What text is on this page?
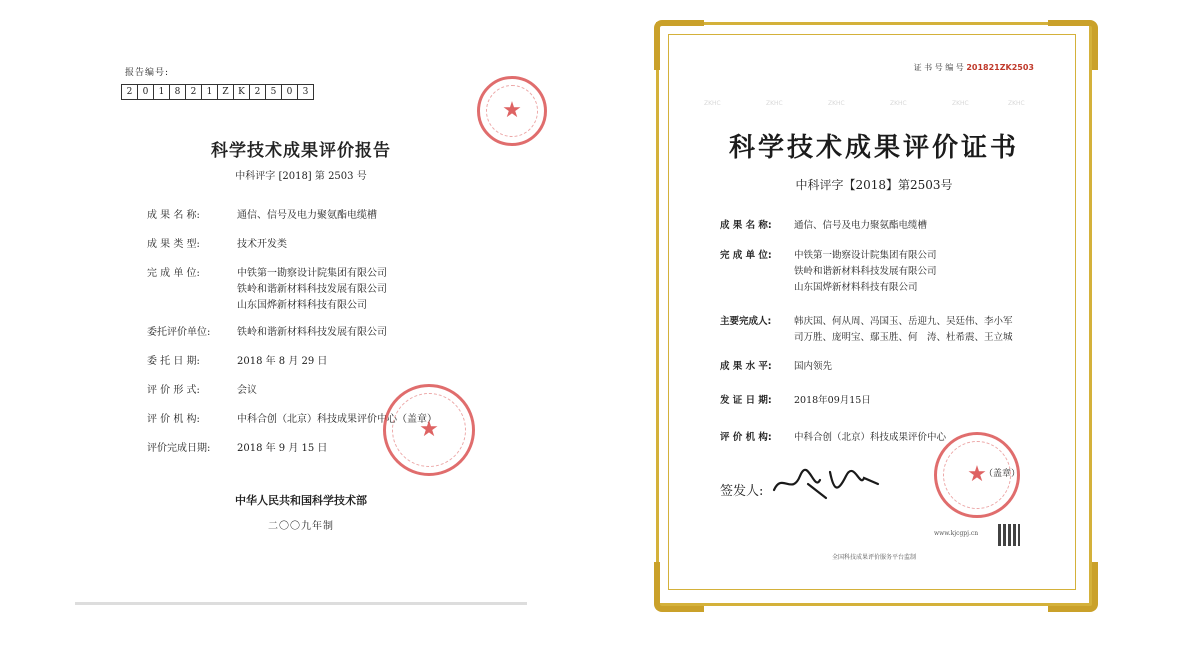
报告编号:
2	0	1	8	2	1	Z	K	2	5	0	3
★
科学技术成果评价报告
中科评字 [2018] 第 2503 号
成 果 名 称:	通信、信号及电力聚氨酯电缆槽
成 果 类 型:	技术开发类
完 成 单 位:	中铁第一勘察设计院集团有限公司
铁岭和谐新材料科技发展有限公司
山东国烨新材料科技有限公司
委托评价单位:	铁岭和谐新材料科技发展有限公司
委 托 日 期:	2018 年 8 月 29 日
评 价 形 式:	会议
评 价 机 构:	中科合创（北京）科技成果评价中心（盖章）
评价完成日期:	2018 年 9 月 15 日
★
中华人民共和国科学技术部
二〇〇九年制
证 书 号 编 号 201821ZK2503
ZKHC	ZKHC	ZKHC	ZKHC	ZKHC	ZKHC
科学技术成果评价证书
中科评字【2018】第2503号
成 果 名 称:	通信、信号及电力聚氨酯电缆槽
完 成 单 位:	中铁第一勘察设计院集团有限公司
铁岭和谐新材料科技发展有限公司
山东国烨新材料科技有限公司
主要完成人:	韩庆国、何从周、冯国玉、岳迎九、吴廷伟、李小军
司万胜、庞明宝、鄢玉胜、何　涛、杜希震、王立城
成 果 水 平:	国内领先
发 证 日 期:	2018年09月15日
评 价 机 构:	中科合创（北京）科技成果评价中心
★
（盖章）
签发人:
www.kjcgpj.cn
全国科技成果评价服务平台监制
